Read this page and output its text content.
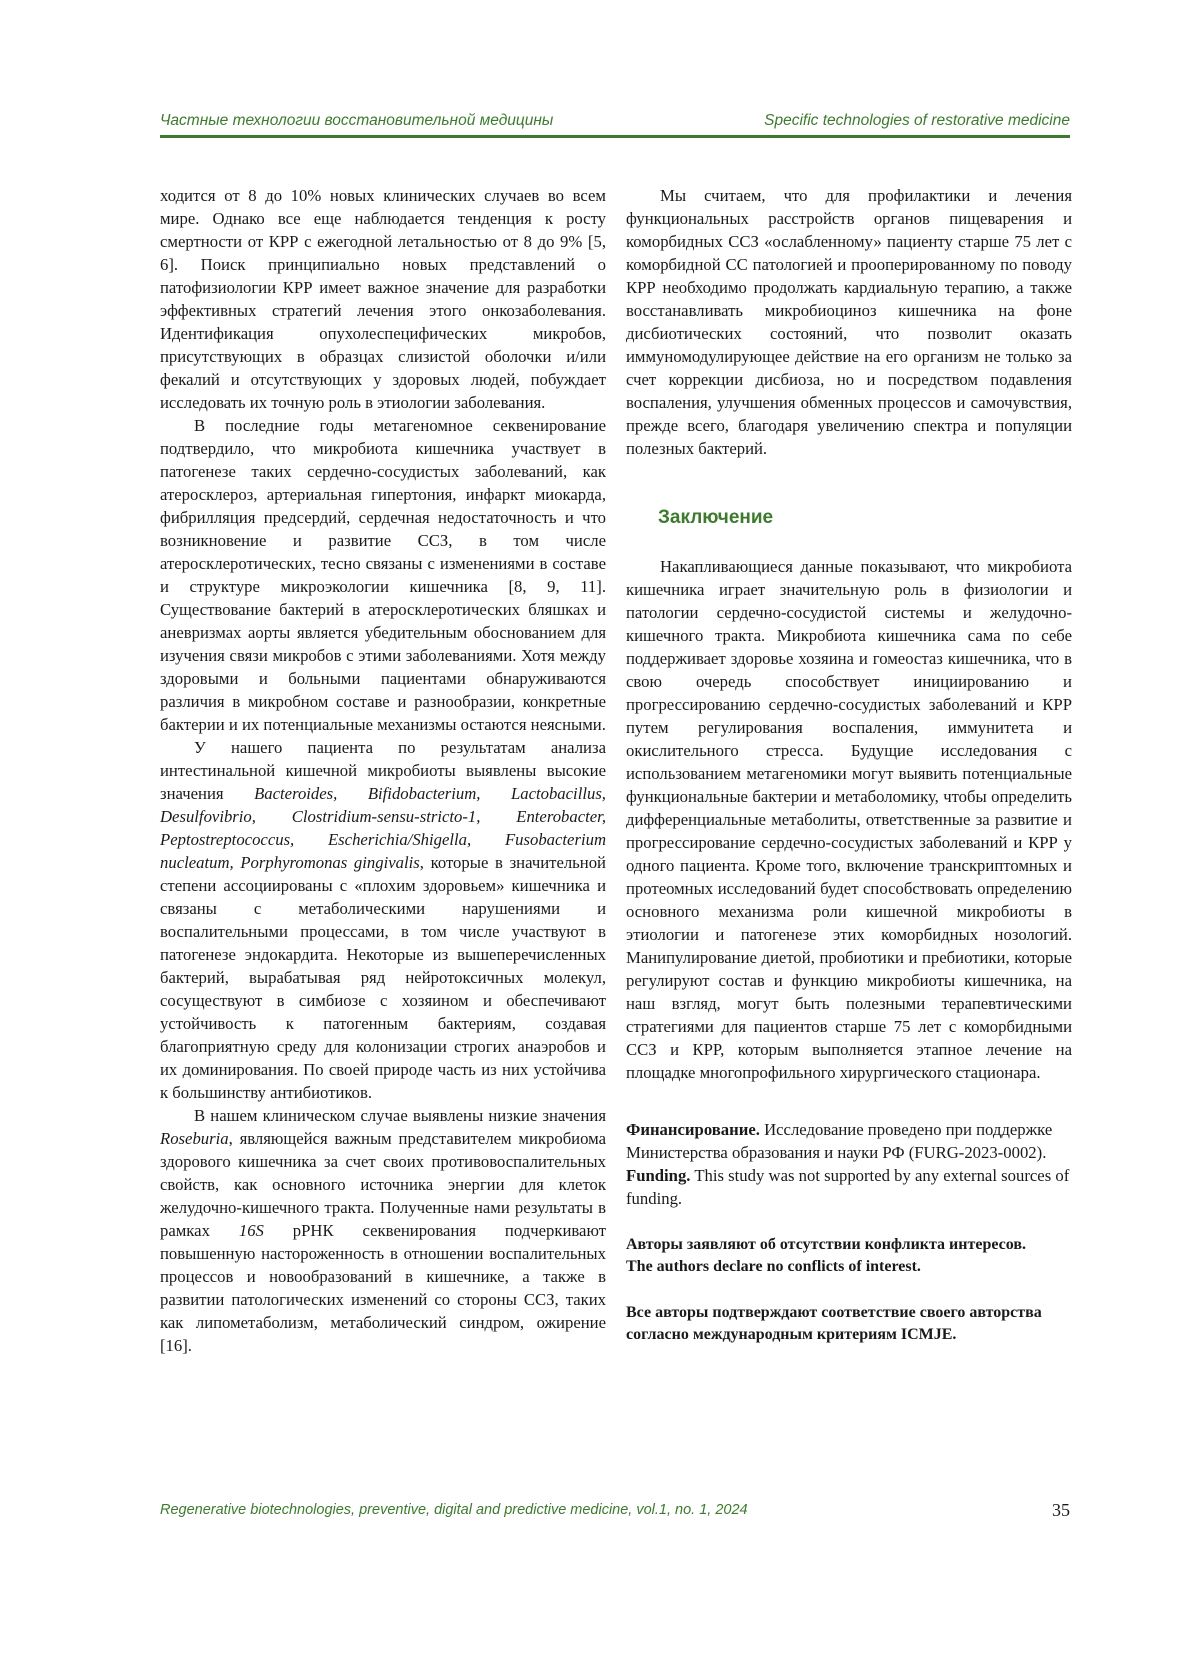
Частные технологии восстановительной медицины	Specific technologies of restorative medicine

ходится от 8 до 10% новых клинических случаев во всем мире. Однако все еще наблюдается тенденция к росту смертности от КРР с ежегодной летальностью от 8 до 9% [5, 6]. Поиск принципиально новых представлений о патофизиологии КРР имеет важное значение для разработки эффективных стратегий лечения этого онкозаболевания. Идентификация опухолеспецифических микробов, присутствующих в образцах слизистой оболочки и/или фекалий и отсутствующих у здоровых людей, побуждает исследовать их точную роль в этиологии заболевания.

В последние годы метагеномное секвенирование подтвердило, что микробиота кишечника участвует в патогенезе таких сердечно-сосудистых заболеваний, как атеросклероз, артериальная гипертония, инфаркт миокарда, фибрилляция предсердий, сердечная недостаточность и что возникновение и развитие ССЗ, в том числе атеросклеротических, тесно связаны с изменениями в составе и структуре микроэкологии кишечника [8, 9, 11]. Существование бактерий в атеросклеротических бляшках и аневризмах аорты является убедительным обоснованием для изучения связи микробов с этими заболеваниями. Хотя между здоровыми и больными пациентами обнаруживаются различия в микробном составе и разнообразии, конкретные бактерии и их потенциальные механизмы остаются неясными.

У нашего пациента по результатам анализа интестинальной кишечной микробиоты выявлены высокие значения Bacteroides, Bifidobacterium, Lactobacillus, Desulfovibrio, Clostridium-sensu-stricto-1, Enterobacter, Peptostreptococcus, Escherichia/Shigella, Fusobacterium nucleatum, Porphyromonas gingivalis, которые в значительной степени ассоциированы с «плохим здоровьем» кишечника и связаны с метаболическими нарушениями и воспалительными процессами, в том числе участвуют в патогенезе эндокардита. Некоторые из вышеперечисленных бактерий, вырабатывая ряд нейротоксичных молекул, сосуществуют в симбиозе с хозяином и обеспечивают устойчивость к патогенным бактериям, создавая благоприятную среду для колонизации строгих анаэробов и их доминирования. По своей природе часть из них устойчива к большинству антибиотиков.

В нашем клиническом случае выявлены низкие значения Roseburia, являющейся важным представителем микробиома здорового кишечника за счет своих противовоспалительных свойств, как основного источника энергии для клеток желудочно-кишечного тракта. Полученные нами результаты в рамках 16S рРНК секвенирования подчеркивают повышенную настороженность в отношении воспалительных процессов и новообразований в кишечнике, а также в развитии патологических изменений со стороны ССЗ, таких как липометаболизм, метаболический синдром, ожирение [16].

Мы считаем, что для профилактики и лечения функциональных расстройств органов пищеварения и коморбидных ССЗ «ослабленному» пациенту старше 75 лет с коморбидной СС патологией и прооперированному по поводу КРР необходимо продолжать кардиальную терапию, а также восстанавливать микробиоциноз кишечника на фоне дисбиотических состояний, что позволит оказать иммуномодулирующее действие на его организм не только за счет коррекции дисбиоза, но и посредством подавления воспаления, улучшения обменных процессов и самочувствия, прежде всего, благодаря увеличению спектра и популяции полезных бактерий.

Заключение

Накапливающиеся данные показывают, что микробиота кишечника играет значительную роль в физиологии и патологии сердечно-сосудистой системы и желудочно-кишечного тракта. Микробиота кишечника сама по себе поддерживает здоровье хозяина и гомеостаз кишечника, что в свою очередь способствует инициированию и прогрессированию сердечно-сосудистых заболеваний и КРР путем регулирования воспаления, иммунитета и окислительного стресса. Будущие исследования с использованием метагеномики могут выявить потенциальные функциональные бактерии и метаболомику, чтобы определить дифференциальные метаболиты, ответственные за развитие и прогрессирование сердечно-сосудистых заболеваний и КРР у одного пациента. Кроме того, включение транскриптомных и протеомных исследований будет способствовать определению основного механизма роли кишечной микробиоты в этиологии и патогенезе этих коморбидных нозологий. Манипулирование диетой, пробиотики и пребиотики, которые регулируют состав и функцию микробиоты кишечника, на наш взгляд, могут быть полезными терапевтическими стратегиями для пациентов старше 75 лет с коморбидными ССЗ и КРР, которым выполняется этапное лечение на площадке многопрофильного хирургического стационара.

Финансирование. Исследование проведено при поддержке Министерства образования и науки РФ (FURG-2023-0002).

Funding. This study was not supported by any external sources of funding.

Авторы заявляют об отсутствии конфликта интересов.

The authors declare no conflicts of interest.

Все авторы подтверждают соответствие своего авторства согласно международным критериям ICMJE.

Regenerative biotechnologies, preventive, digital and predictive medicine, vol.1, no. 1, 2024	35
